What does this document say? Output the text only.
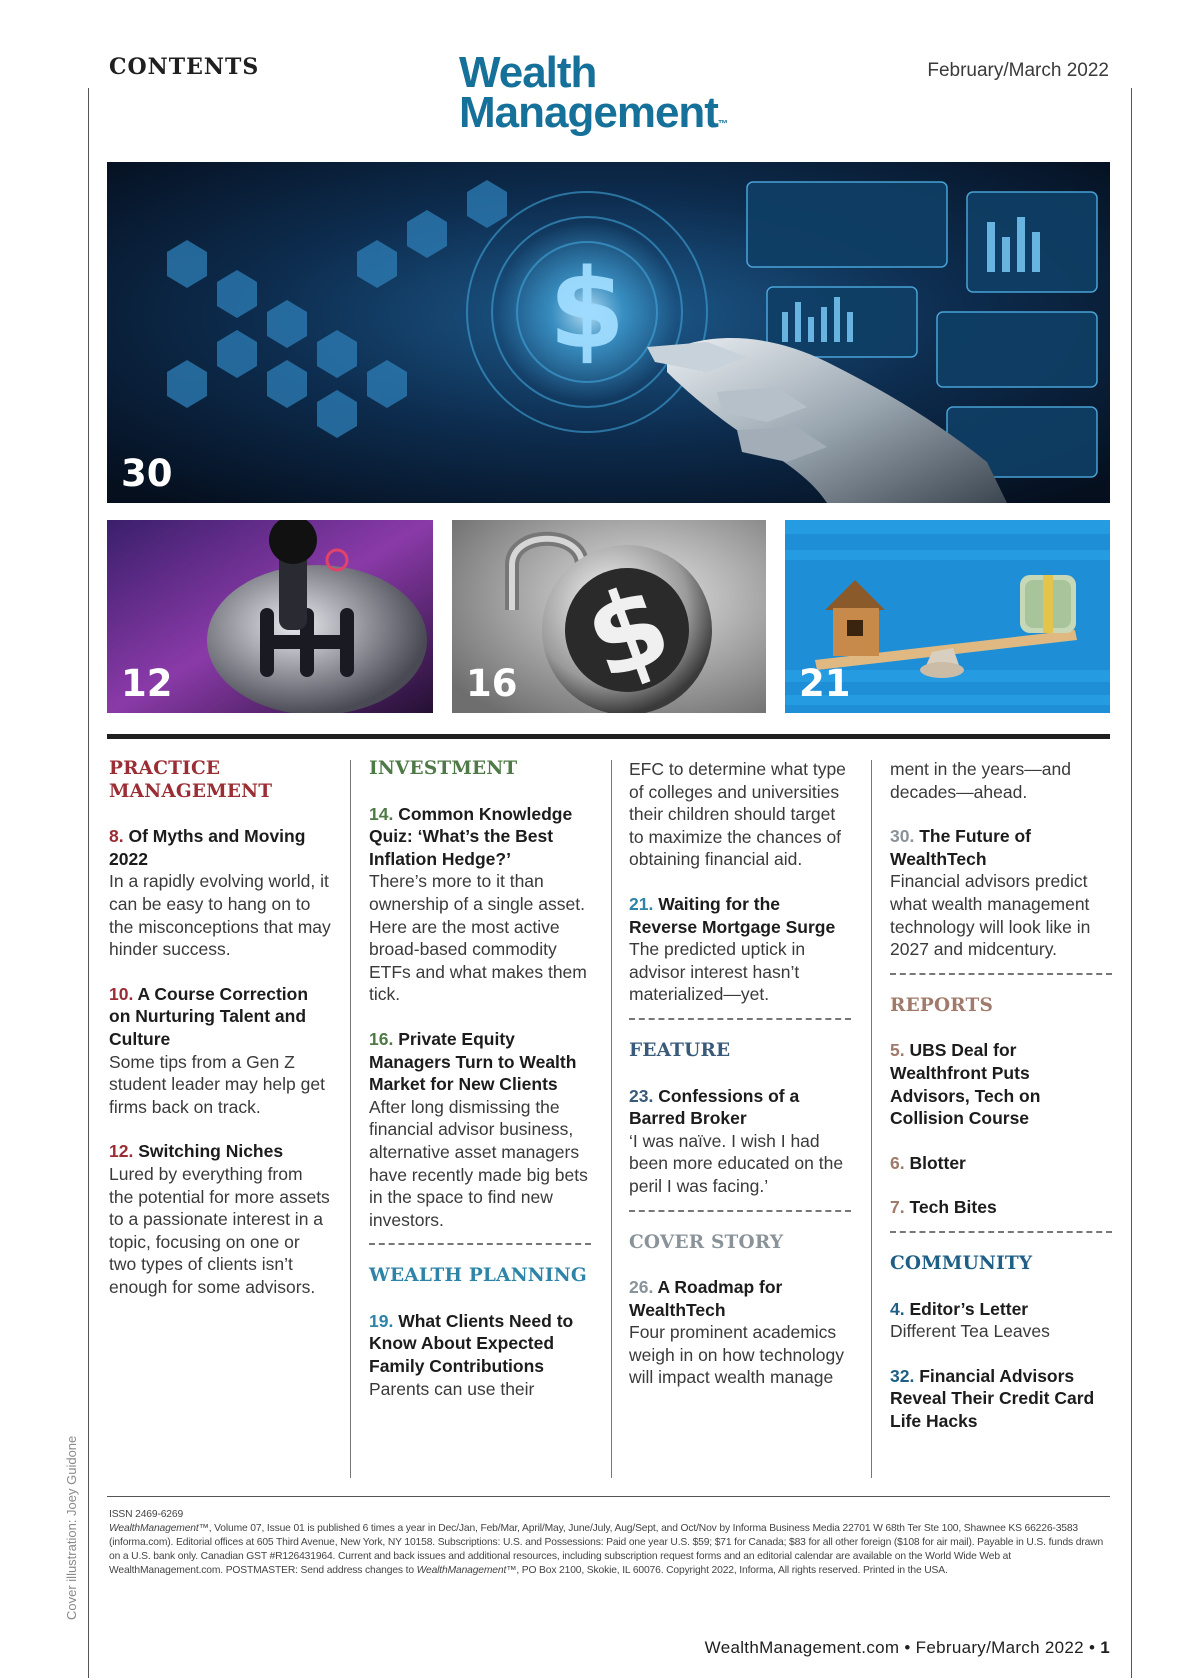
CONTENTS	Wealth
Management™
February/March 2022
$
30
12	$
16	21
PRACTICE MANAGEMENT
8. Of Myths and Moving 2022
In a rapidly evolving world, it can be easy to hang on to the misconceptions that may hinder success.
10. A Course Correction on Nurturing Talent and Culture
Some tips from a Gen Z student leader may help get firms back on track.
12. Switching Niches
Lured by everything from the potential for more assets to a passionate interest in a topic, focusing on one or two types of clients isn’t enough for some advisors.
INVESTMENT
14. Common Knowledge Quiz: ‘What’s the Best Inflation Hedge?’
There’s more to it than ownership of a single asset. Here are the most active broad-based commodity ETFs and what makes them tick.
16. Private Equity Managers Turn to Wealth Market for New Clients
After long dismissing the financial advisor business, alternative asset managers have recently made big bets in the space to find new investors.
WEALTH PLANNING
19. What Clients Need to Know About Expected Family Contributions
Parents can use their
EFC to determine what type of colleges and universities their children should target to maximize the chances of obtaining financial aid.
21. Waiting for the Reverse Mortgage Surge
The predicted uptick in advisor interest hasn’t materialized—yet.
FEATURE
23. Confessions of a Barred Broker
‘I was naïve. I wish I had been more educated on the peril I was facing.’
COVER STORY
26. A Roadmap for WealthTech
Four prominent academics weigh in on how technology will impact wealth manage
ment in the years—and decades—ahead.
30. The Future of WealthTech
Financial advisors predict what wealth management technology will look like in 2027 and midcentury.
REPORTS
5. UBS Deal for Wealthfront Puts Advisors, Tech on Collision Course
6. Blotter
7. Tech Bites
COMMUNITY
4. Editor’s Letter
Different Tea Leaves
32. Financial Advisors Reveal Their Credit Card Life Hacks
Cover illustration: Joey Guidone	ISSN 2469-6269
WealthManagement™, Volume 07, Issue 01 is published 6 times a year in Dec/Jan, Feb/Mar, April/May, June/July, Aug/Sept, and Oct/Nov by Informa Business Media 22701 W 68th Ter Ste 100, Shawnee KS 66226-3583 (informa.com). Editorial offices at 605 Third Avenue, New York, NY 10158. Subscriptions: U.S. and Possessions: Paid one year U.S. $59; $71 for Canada; $83 for all other foreign ($108 for air mail). Payable in U.S. funds drawn on a U.S. bank only. Canadian GST #R126431964. Current and back issues and additional resources, including subscription request forms and an editorial calendar are available on the World Wide Web at WealthManagement.com. POSTMASTER: Send address changes to WealthManagement™, PO Box 2100, Skokie, IL 60076. Copyright 2022, Informa, All rights reserved. Printed in the USA.
WealthManagement.com • February/March 2022 • 1
